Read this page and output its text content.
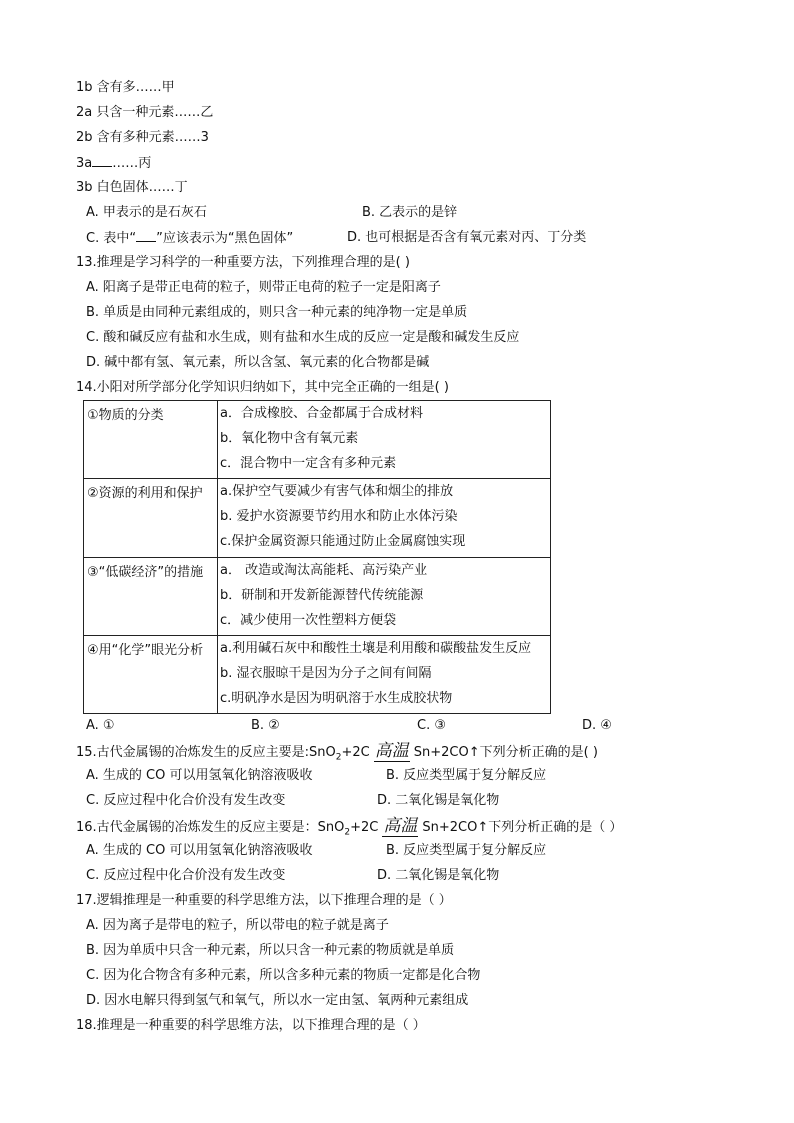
1b 含有多……甲
2a 只含一种元素……乙
2b 含有多种元素……3
3a ……丙
3b 白色固体……丁
A. 甲表示的是石灰石	B. 乙表示的是锌
C. 表中“ ”应该表示为“黑色固体”	D. 也可根据是否含有氧元素对丙、丁分类
13.推理是学习科学的一种重要方法，下列推理合理的是( )
A. 阳离子是带正电荷的粒子，则带正电荷的粒子一定是阳离子
B. 单质是由同种元素组成的，则只含一种元素的纯净物一定是单质
C. 酸和碱反应有盐和水生成，则有盐和水生成的反应一定是酸和碱发生反应
D. 碱中都有氢、氧元素，所以含氢、氧元素的化合物都是碱
14.小阳对所学部分化学知识归纳如下，其中完全正确的一组是( )
①物质的分类	a．合成橡胶、合金都属于合成材料
b．氧化物中含有氧元素
c．混合物中一定含有多种元素

②资源的利用和保护	a.保护空气要减少有害气体和烟尘的排放
b. 爱护水资源要节约用水和防止水体污染
c.保护金属资源只能通过防止金属腐蚀实现

③“低碳经济”的措施	a． 改造或淘汰高能耗、高污染产业
b．研制和开发新能源替代传统能源
c．减少使用一次性塑料方便袋

④用“化学”眼光分析	a.利用碱石灰中和酸性土壤是利用酸和碳酸盐发生反应
b. 湿衣服晾干是因为分子之间有间隔
c.明矾净水是因为明矾溶于水生成胶状物
A. ①	B. ②	C. ③	D. ④
15.古代金属锡的冶炼发生的反应主要是:SnO$_2$+2C 高温 Sn+2CO↑下列分析正确的是( )
A. 生成的 CO 可以用氢氧化钠溶液吸收	B. 反应类型属于复分解反应
C. 反应过程中化合价没有发生改变	D. 二氧化锡是氧化物
16.古代金属锡的冶炼发生的反应主要是：SnO$_2$+2C 高温 Sn+2CO↑下列分析正确的是（ ）
A. 生成的 CO 可以用氢氧化钠溶液吸收	B. 反应类型属于复分解反应
C. 反应过程中化合价没有发生改变	D. 二氧化锡是氧化物
17.逻辑推理是一种重要的科学思维方法，以下推理合理的是（ ）
A. 因为离子是带电的粒子，所以带电的粒子就是离子
B. 因为单质中只含一种元素，所以只含一种元素的物质就是单质
C. 因为化合物含有多种元素，所以含多种元素的物质一定都是化合物
D. 因水电解只得到氢气和氧气，所以水一定由氢、氧两种元素组成
18.推理是一种重要的科学思维方法，以下推理合理的是（ ）
